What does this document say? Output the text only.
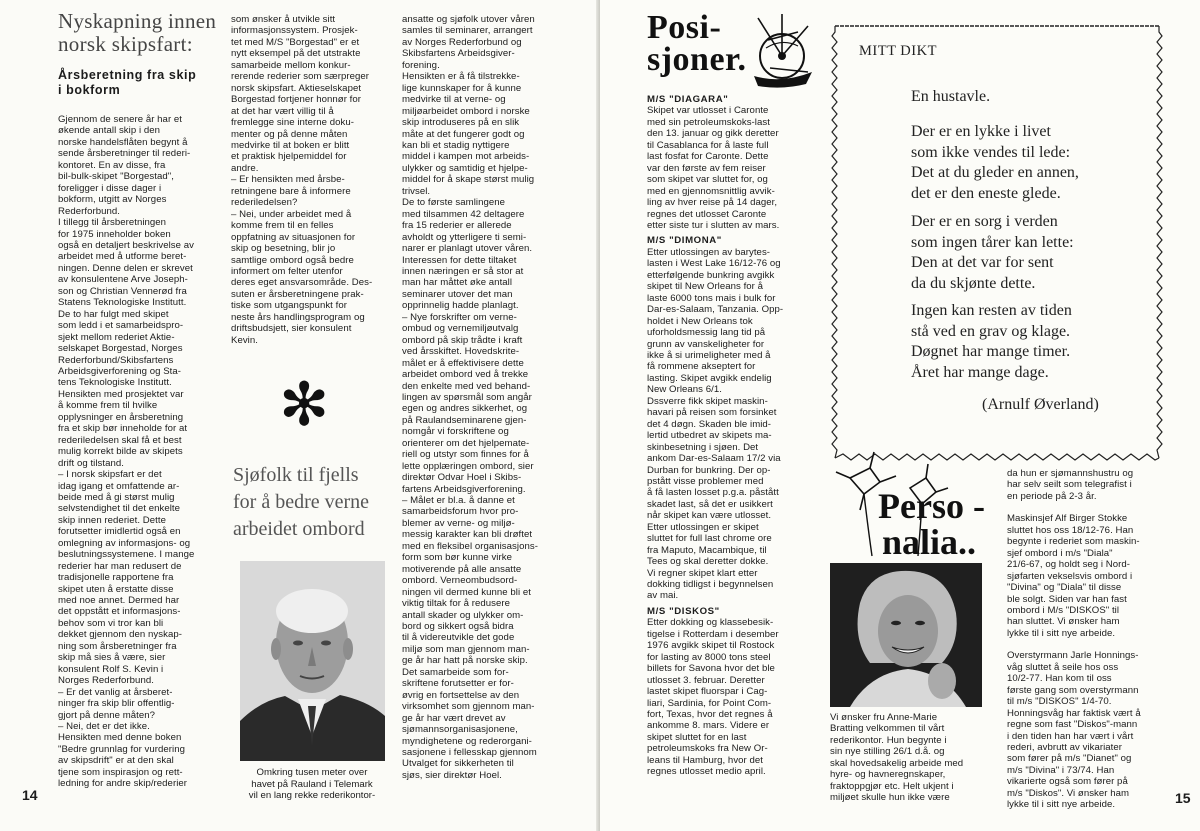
Nyskapning innen
norsk skipsfart:
Årsberetning fra skip
i bokform
Gjennom de senere år har et
økende antall skip i den
norske handelsflåten begynt å
sende årsberetninger til rederi-
kontoret. En av disse, fra
bil-bulk-skipet "Borgestad",
foreligger i disse dager i
bokform, utgitt av Norges
Rederforbund.
I tillegg til årsberetningen
for 1975 inneholder boken
også en detaljert beskrivelse av
arbeidet med å utforme beret-
ningen. Denne delen er skrevet
av konsulentene Arve Joseph-
son og Christian Vennerød fra
Statens Teknologiske Institutt.
De to har fulgt med skipet
som ledd i et samarbeidspro-
sjekt mellom rederiet Aktie-
selskapet Borgestad, Norges
Rederforbund/Skibsfartens
Arbeidsgiverforening og Sta-
tens Teknologiske Institutt.
Hensikten med prosjektet var
å komme frem til hvilke
opplysninger en årsberetning
fra et skip bør inneholde for at
rederiledelsen skal få et best
mulig korrekt bilde av skipets
drift og tilstand.
– I norsk skipsfart er det
idag igang et omfattende ar-
beide med å gi størst mulig
selvstendighet til det enkelte
skip innen rederiet. Dette
forutsetter imidlertid også en
omlegning av informasjons- og
beslutningssystemene. I mange
rederier har man redusert de
tradisjonelle rapportene fra
skipet uten å erstatte disse
med noe annet. Dermed har
det oppstått et informasjons-
behov som vi tror kan bli
dekket gjennom den nyskap-
ning som årsberetninger fra
skip må sies å være, sier
konsulent Rolf S. Kevin i
Norges Rederforbund.
– Er det vanlig at årsberet-
ninger fra skip blir offentlig-
gjort på denne måten?
– Nei, det er det ikke.
Hensikten med denne boken
"Bedre grunnlag for vurdering
av skipsdrift" er at den skal
tjene som inspirasjon og rett-
ledning for andre skip/rederier
som ønsker å utvikle sitt
informasjonssystem. Prosjek-
tet med M/S "Borgestad" er et
nytt eksempel på det utstrakte
samarbeide mellom konkur-
rerende rederier som særpreger
norsk skipsfart. Aktieselskapet
Borgestad fortjener honnør for
at det har vært villig til å
fremlegge sine interne doku-
menter og på denne måten
medvirke til at boken er blitt
et praktisk hjelpemiddel for
andre.
– Er hensikten med årsbe-
retningene bare å informere
rederiledelsen?
– Nei, under arbeidet med å
komme frem til en felles
oppfatning av situasjonen for
skip og besetning, blir jo
samtlige ombord også bedre
informert om felter utenfor
deres eget ansvarsområde. Des-
suten er årsberetningene prak-
tiske som utgangspunkt for
neste års handlingsprogram og
driftsbudsjett, sier konsulent
Kevin.
✻
Sjøfolk til fjells
for å bedre verne
arbeidet ombord
Omkring tusen meter over
havet på Rauland i Telemark
vil en lang rekke rederikontor-
ansatte og sjøfolk utover våren
samles til seminarer, arrangert
av Norges Rederforbund og
Skibsfartens Arbeidsgiver-
forening.
Hensikten er å få tilstrekke-
lige kunnskaper for å kunne
medvirke til at verne- og
miljøarbeidet ombord i norske
skip introduseres på en slik
måte at det fungerer godt og
kan bli et stadig nyttigere
middel i kampen mot arbeids-
ulykker og samtidig et hjelpe-
middel for å skape størst mulig
trivsel.
De to første samlingene
med tilsammen 42 deltagere
fra 15 rederier er allerede
avholdt og ytterligere ti semi-
narer er planlagt utover våren.
Interessen for dette tiltaket
innen næringen er så stor at
man har måttet øke antall
seminarer utover det man
opprinnelig hadde planlagt.
– Nye forskrifter om verne-
ombud og vernemiljøutvalg
ombord på skip trådte i kraft
ved årsskiftet. Hovedskrite-
målet er å effektivisere dette
arbeidet ombord ved å trekke
den enkelte med ved behand-
lingen av spørsmål som angår
egen og andres sikkerhet, og
på Raulandseminarene gjen-
nomgår vi forskriftene og
orienterer om det hjelpemate-
riell og utstyr som finnes for å
lette opplæringen ombord, sier
direktør Odvar Hoel i Skibs-
fartens Arbeidsgiverforening.
– Målet er bl.a. å danne et
samarbeidsforum hvor pro-
blemer av verne- og miljø-
messig karakter kan bli drøftet
med en fleksibel organisasjons-
form som bør kunne virke
motiverende på alle ansatte
ombord. Verneombudsord-
ningen vil dermed kunne bli et
viktig tiltak for å redusere
antall skader og ulykker om-
bord og sikkert også bidra
til å videreutvikle det gode
miljø som man gjennom man-
ge år har hatt på norske skip.
Det samarbeide som for-
skriftene forutsetter er for-
øvrig en fortsettelse av den
virksomhet som gjennom man-
ge år har vært drevet av
sjømannsorganisasjonene,
myndighetene og rederorgani-
sasjonene i fellesskap gjennom
Utvalget for sikkerheten til
sjøs, sier direktør Hoel.
14
Posi-
sjoner.
M/S "DIAGARA"
Skipet var utlosset i Caronte
med sin petroleumskoks-last
den 13. januar og gikk deretter
til Casablanca for å laste full
last fosfat for Caronte. Dette
var den første av fem reiser
som skipet var sluttet for, og
med en gjennomsnittlig avvik-
ling av hver reise på 14 dager,
regnes det utlosset Caronte
etter siste tur i slutten av mars.
M/S "DIMONA"
Etter utlossingen av barytes-
lasten i West Lake 16/12-76 og
etterfølgende bunkring avgikk
skipet til New Orleans for å
laste 6000 tons mais i bulk for
Dar-es-Salaam, Tanzania. Opp-
holdet i New Orleans tok
uforholdsmessig lang tid på
grunn av vanskeligheter for
ikke å si urimeligheter med å
få rommene akseptert for
lasting. Skipet avgikk endelig
New Orleans 6/1.
Dssverre fikk skipet maskin-
havari på reisen som forsinket
det 4 døgn. Skaden ble imid-
lertid utbedret av skipets ma-
skinbesetning i sjøen. Det
ankom Dar-es-Salaam 17/2 via
Durban for bunkring. Der op-
pstått visse problemer med
å få lasten losset p.g.a. påstått
skadet last, så det er usikkert
når skipet kan være utlosset.
Etter utlossingen er skipet
sluttet for full last chrome ore
fra Maputo, Macambique, til
Tees og skal deretter dokke.
Vi regner skipet klart etter
dokking tidligst i begynnelsen
av mai.
M/S "DISKOS"
Etter dokking og klassebesik-
tigelse i Rotterdam i desember
1976 avgikk skipet til Rostock
for lasting av 8000 tons steel
billets for Savona hvor det ble
utlosset 3. februar. Deretter
lastet skipet fluorspar i Cag-
liari, Sardinia, for Point Com-
fort, Texas, hvor det regnes å
ankomme 8. mars. Videre er
skipet sluttet for en last
petroleumskoks fra New Or-
leans til Hamburg, hvor det
regnes utlosset medio april.
MITT DIKT
En hustavle.
Der er en lykke i livet
som ikke vendes til lede:
Det at du gleder en annen,
det er den eneste glede.
Der er en sorg i verden
som ingen tårer kan lette:
Den at det var for sent
da du skjønte dette.
Ingen kan resten av tiden
stå ved en grav og klage.
Døgnet har mange timer.
Året har mange dage.
(Arnulf Øverland)
Perso -
nalia..
Vi ønsker fru Anne-Marie
Bratting velkommen til vårt
rederikontor. Hun begynte i
sin nye stilling 26/1 d.å. og
skal hovedsakelig arbeide med
hyre- og havneregnskaper,
fraktoppgjør etc. Helt ukjent i
miljøet skulle hun ikke være
da hun er sjømannshustru og
har selv seilt som telegrafist i
en periode på 2-3 år.
Maskinsjef Alf Birger Stokke
sluttet hos oss 18/12-76. Han
begynte i rederiet som maskin-
sjef ombord i m/s "Diala"
21/6-67, og holdt seg i Nord-
sjøfarten vekselsvis ombord i
"Divina" og "Diala" til disse
ble solgt. Siden var han fast
ombord i M/s "DISKOS" til
han sluttet. Vi ønsker ham
lykke til i sitt nye arbeide.
Overstyrmann Jarle Honnings-
våg sluttet å seile hos oss
10/2-77. Han kom til oss
første gang som overstyrmann
til m/s "DISKOS" 1/4-70.
Honningsvåg har faktisk vært å
regne som fast "Diskos"-mann
i den tiden han har vært i vårt
rederi, avbrutt av vikariater
som fører på m/s "Dianet" og
m/s "Divina" i 73/74. Han
vikarierte også som fører på
m/s "Diskos". Vi ønsker ham
lykke til i sitt nye arbeide.	15
